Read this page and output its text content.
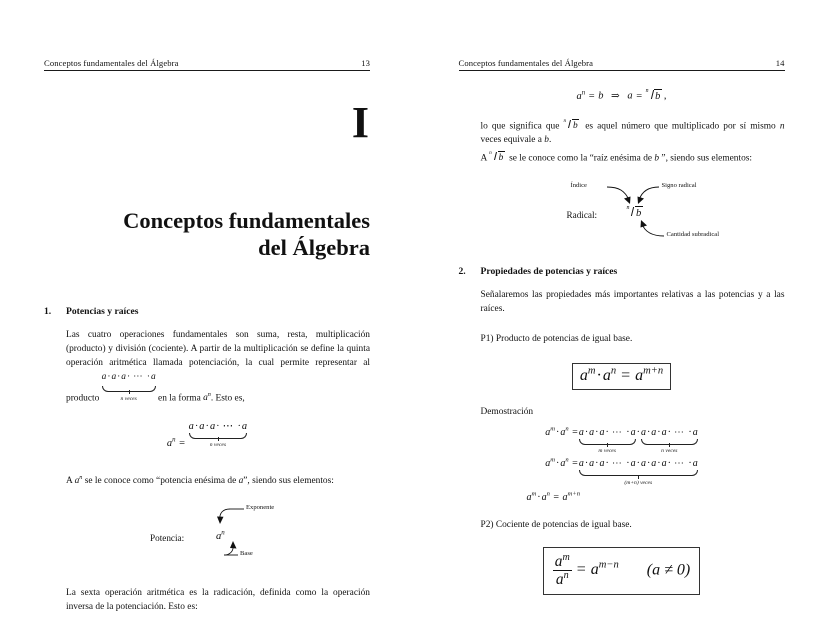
Conceptos fundamentales del Álgebra	13
I
Conceptos fundamentales
del Álgebra
1.	Potencias y raíces
Las cuatro operaciones fundamentales son suma, resta, multiplicación (producto) y división (cociente). A partir de la multiplicación se define la quinta operación aritmética llamada potenciación, la cual permite representar al producto a·a·a· ⋯ ·a
n veces	en la forma $a^n$. Esto es,
$a^n = a\cdot a\cdot a\cdot$ ⋯ ·a
n veces
A $a^n$ se le conoce como “potencia enésima de a”, siendo sus elementos:
Potencia:	$a^n$
Exponente
Base
La sexta operación aritmética es la radicación, definida como la operación inversa de la potenciación. Esto es:
Conceptos fundamentales del Álgebra	14
$a^n = b$ ⇒ a = n b ,
lo que significa que
n
b es aquel número que multiplicado por sí mismo n veces equivale a b.
A
n
b se le conoce como la “raíz enésima de b ”, siendo sus elementos:
Radical:
n b
Índice	Signo radical
Cantidad subradical
2.	Propiedades de potencias y raíces
Señalaremos las propiedades más importantes relativas a las potencias y a las raíces.
P1) Producto de potencias de igual base.
$a^m\cdot a^n = a^{m+n}$
Demostración
$a^m\cdot a^n = a\cdot a\cdot a\cdot$ ⋯ ·a
m veces
· a·a·a· ⋯ ·a
n veces
$a^m\cdot a^n = a\cdot a\cdot a\cdot$ ⋯ ·a·a·a·a· ⋯ ·a
(m+n) veces
$a^m\cdot a^n = a^{m+n}$
P2) Cociente de potencias de igual base.
$\frac{a^m}{a^n} = a^{m-n}$ (a ≠ 0)
